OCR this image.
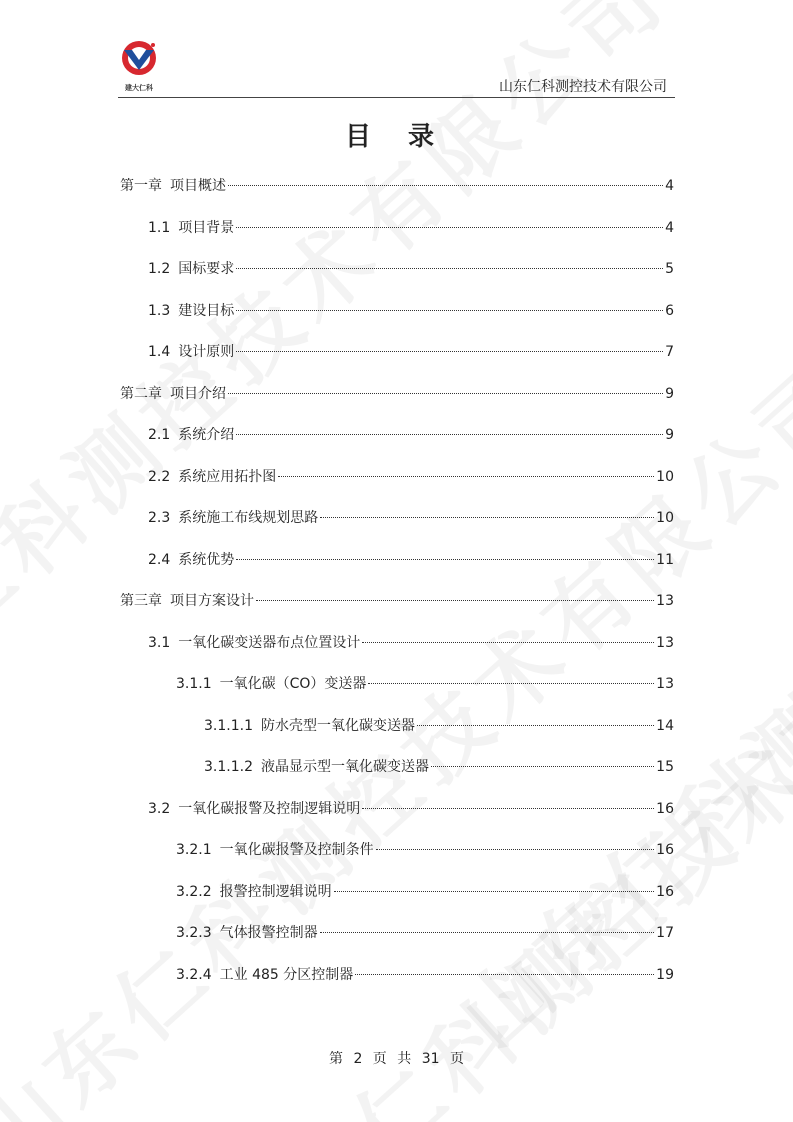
建大仁科	山东仁科测控技术有限公司
目 录
第一章 项目概述	4
1.1 项目背景	4
1.2 国标要求	5
1.3 建设目标	6
1.4 设计原则	7
第二章 项目介绍	9
2.1 系统介绍	9
2.2 系统应用拓扑图	10
2.3 系统施工布线规划思路	10
2.4 系统优势	11
第三章 项目方案设计	13
3.1 一氧化碳变送器布点位置设计	13
3.1.1 一氧化碳（CO）变送器	13
3.1.1.1 防水壳型一氧化碳变送器	14
3.1.1.2 液晶显示型一氧化碳变送器	15
3.2 一氧化碳报警及控制逻辑说明	16
3.2.1 一氧化碳报警及控制条件	16
3.2.2 报警控制逻辑说明	16
3.2.3 气体报警控制器	17
3.2.4 工业 485 分区控制器	19
第 2 页 共 31 页
